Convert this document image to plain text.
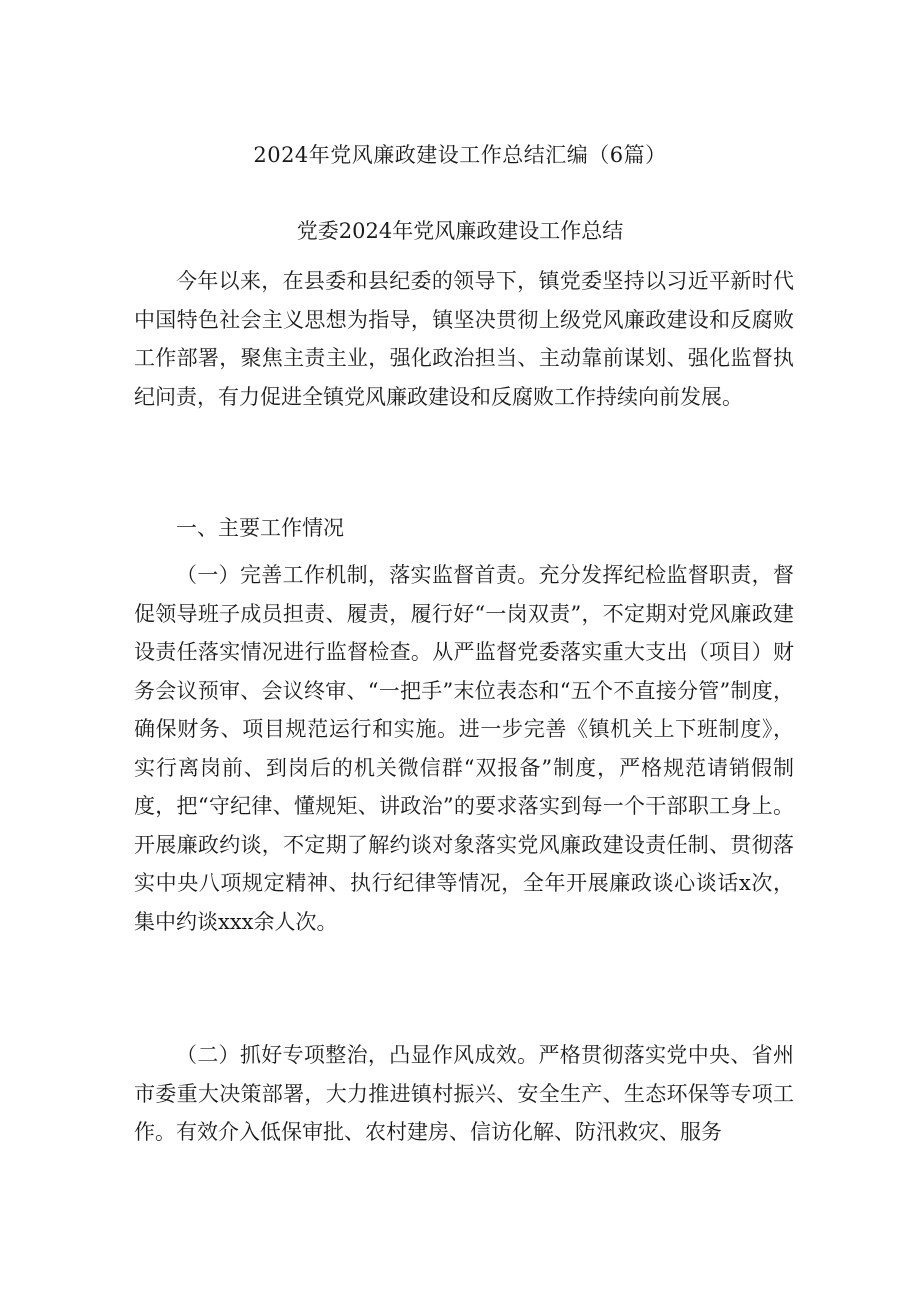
2024年党风廉政建设工作总结汇编（6篇）
党委2024年党风廉政建设工作总结

今年以来，在县委和县纪委的领导下，镇党委坚持以习近平新时代中国特色社会主义思想为指导，镇坚决贯彻上级党风廉政建设和反腐败工作部署，聚焦主责主业，强化政治担当、主动靠前谋划、强化监督执纪问责，有力促进全镇党风廉政建设和反腐败工作持续向前发展。

一、主要工作情况

（一）完善工作机制，落实监督首责。充分发挥纪检监督职责，督促领导班子成员担责、履责，履行好“一岗双责”，不定期对党风廉政建设责任落实情况进行监督检查。从严监督党委落实重大支出（项目）财务会议预审、会议终审、“一把手”末位表态和“五个不直接分管”制度，确保财务、项目规范运行和实施。进一步完善《镇机关上下班制度》，实行离岗前、到岗后的机关微信群“双报备”制度，严格规范请销假制度，把“守纪律、懂规矩、讲政治”的要求落实到每一个干部职工身上。开展廉政约谈，不定期了解约谈对象落实党风廉政建设责任制、贯彻落实中央八项规定精神、执行纪律等情况，全年开展廉政谈心谈话x次，集中约谈xxx余人次。

（二）抓好专项整治，凸显作风成效。严格贯彻落实党中央、省州市委重大决策部署，大力推进镇村振兴、安全生产、生态环保等专项工作。有效介入低保审批、农村建房、信访化解、防汛救灾、服务
